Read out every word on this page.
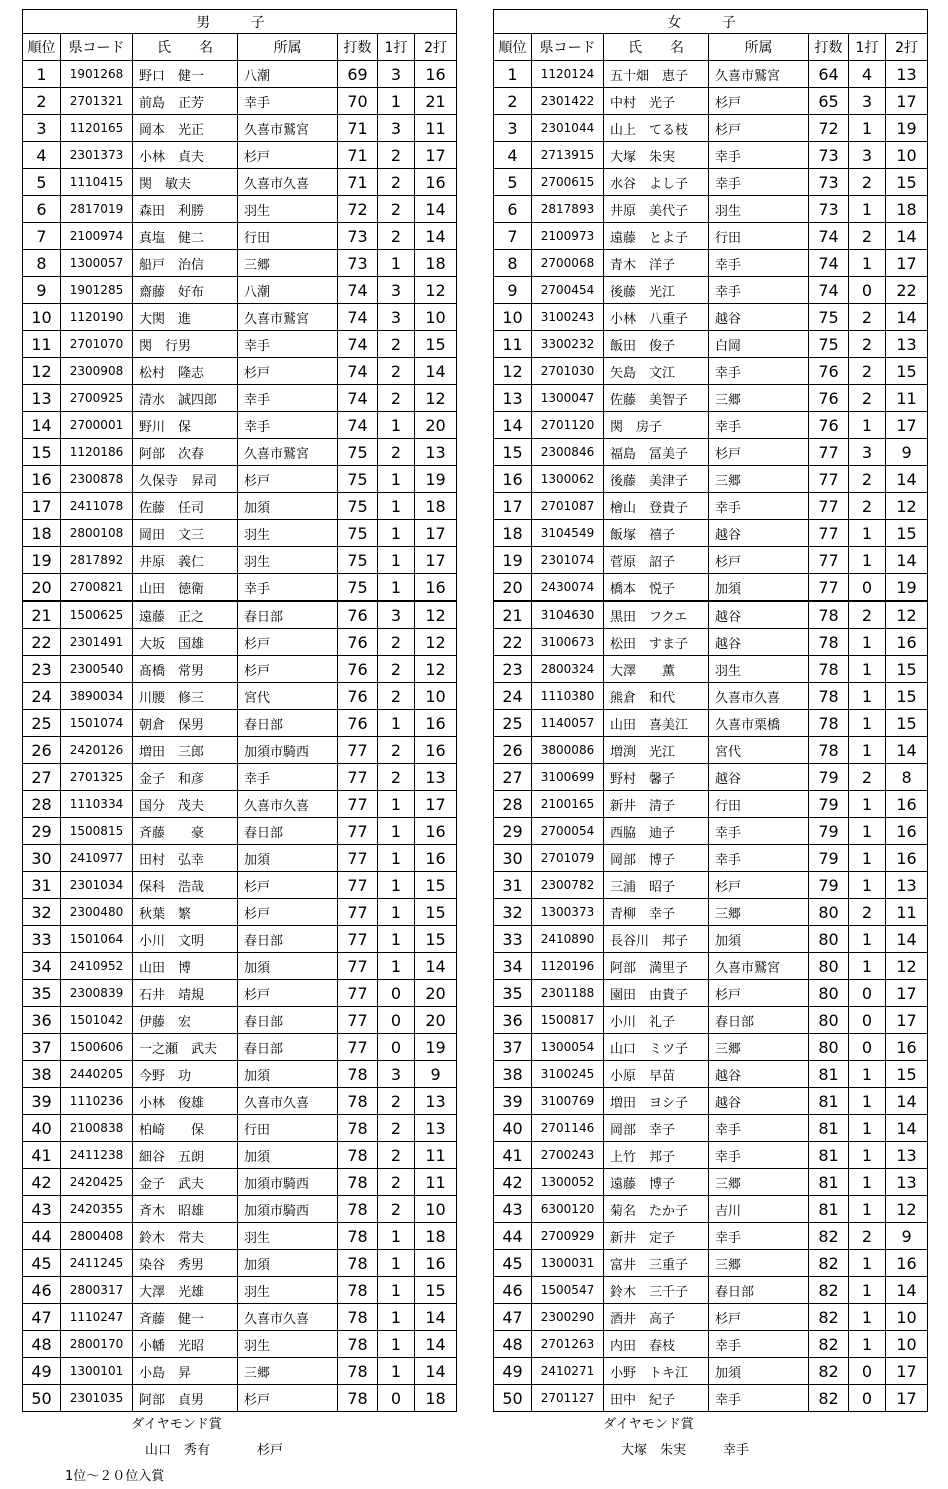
男 子						
順位	県コード	氏　　名	所属	打数	1打	2打
1	1901268	野口　健一	八潮	69	3	16
2	2701321	前島　正芳	幸手	70	1	21
3	1120165	岡本　光正	久喜市鷲宮	71	3	11
4	2301373	小林　貞夫	杉戸	71	2	17
5	1110415	関　敏夫	久喜市久喜	71	2	16
6	2817019	森田　利勝	羽生	72	2	14
7	2100974	真塩　健二	行田	73	2	14
8	1300057	船戸　治信	三郷	73	1	18
9	1901285	齋藤　好布	八潮	74	3	12
10	1120190	大関　進	久喜市鷲宮	74	3	10
11	2701070	関　行男	幸手	74	2	15
12	2300908	松村　隆志	杉戸	74	2	14
13	2700925	清水　誠四郎	幸手	74	2	12
14	2700001	野川　保	幸手	74	1	20
15	1120186	阿部　次春	久喜市鷲宮	75	2	13
16	2300878	久保寺　昇司	杉戸	75	1	19
17	2411078	佐藤　任司	加須	75	1	18
18	2800108	岡田　文三	羽生	75	1	17
19	2817892	井原　義仁	羽生	75	1	17
20	2700821	山田　徳衛	幸手	75	1	16
21	1500625	遠藤　正之	春日部	76	3	12
22	2301491	大坂　国雄	杉戸	76	2	12
23	2300540	髙橋　常男	杉戸	76	2	12
24	3890034	川腰　修三	宮代	76	2	10
25	1501074	朝倉　保男	春日部	76	1	16
26	2420126	増田　三郎	加須市騎西	77	2	16
27	2701325	金子　和彦	幸手	77	2	13
28	1110334	国分　茂夫	久喜市久喜	77	1	17
29	1500815	斉藤　　豪	春日部	77	1	16
30	2410977	田村　弘幸	加須	77	1	16
31	2301034	保科　浩哉	杉戸	77	1	15
32	2300480	秋葉　繁	杉戸	77	1	15
33	1501064	小川　文明	春日部	77	1	15
34	2410952	山田　博	加須	77	1	14
35	2300839	石井　靖規	杉戸	77	0	20
36	1501042	伊藤　宏	春日部	77	0	20
37	1500606	一之瀬　武夫	春日部	77	0	19
38	2440205	今野　功	加須	78	3	9
39	1110236	小林　俊雄	久喜市久喜	78	2	13
40	2100838	柏崎　　保	行田	78	2	13
41	2411238	細谷　五朗	加須	78	2	11
42	2420425	金子　武夫	加須市騎西	78	2	11
43	2420355	斉木　昭雄	加須市騎西	78	2	10
44	2800408	鈴木　常夫	羽生	78	1	18
45	2411245	染谷　秀男	加須	78	1	16
46	2800317	大澤　光雄	羽生	78	1	15
47	1110247	斉藤　健一	久喜市久喜	78	1	14
48	2800170	小幡　光昭	羽生	78	1	14
49	1300101	小島　昇	三郷	78	1	14
50	2301035	阿部　貞男	杉戸	78	0	18
女 子						
順位	県コード	氏　　名	所属	打数	1打	2打
1	1120124	五十畑　恵子	久喜市鷲宮	64	4	13
2	2301422	中村　光子	杉戸	65	3	17
3	2301044	山上　てる枝	杉戸	72	1	19
4	2713915	大塚　朱実	幸手	73	3	10
5	2700615	水谷　よし子	幸手	73	2	15
6	2817893	井原　美代子	羽生	73	1	18
7	2100973	遠藤　とよ子	行田	74	2	14
8	2700068	青木　洋子	幸手	74	1	17
9	2700454	後藤　光江	幸手	74	0	22
10	3100243	小林　八重子	越谷	75	2	14
11	3300232	飯田　俊子	白岡	75	2	13
12	2701030	矢島　文江	幸手	76	2	15
13	1300047	佐藤　美智子	三郷	76	2	11
14	2701120	関　房子	幸手	76	1	17
15	2300846	福島　冨美子	杉戸	77	3	9
16	1300062	後藤　美津子	三郷	77	2	14
17	2701087	檜山　登貴子	幸手	77	2	12
18	3104549	飯塚　禧子	越谷	77	1	15
19	2301074	菅原　詔子	杉戸	77	1	14
20	2430074	橋本　悦子	加須	77	0	19
21	3104630	黒田　フクエ	越谷	78	2	12
22	3100673	松田　すま子	越谷	78	1	16
23	2800324	大澤　　薫	羽生	78	1	15
24	1110380	熊倉　和代	久喜市久喜	78	1	15
25	1140057	山田　喜美江	久喜市栗橋	78	1	15
26	3800086	増渕　光江	宮代	78	1	14
27	3100699	野村　馨子	越谷	79	2	8
28	2100165	新井　清子	行田	79	1	16
29	2700054	西脇　迪子	幸手	79	1	16
30	2701079	岡部　博子	幸手	79	1	16
31	2300782	三浦　昭子	杉戸	79	1	13
32	1300373	青柳　幸子	三郷	80	2	11
33	2410890	長谷川　邦子	加須	80	1	14
34	1120196	阿部　満里子	久喜市鷲宮	80	1	12
35	2301188	園田　由貴子	杉戸	80	0	17
36	1500817	小川　礼子	春日部	80	0	17
37	1300054	山口　ミツ子	三郷	80	0	16
38	3100245	小原　早苗	越谷	81	1	15
39	3100769	増田　ヨシ子	越谷	81	1	14
40	2701146	岡部　幸子	幸手	81	1	14
41	2700243	上竹　邦子	幸手	81	1	13
42	1300052	遠藤　博子	三郷	81	1	13
43	6300120	菊名　たか子	吉川	81	1	12
44	2700929	新井　定子	幸手	82	2	9
45	1300031	富井　三重子	三郷	82	1	16
46	1500547	鈴木　三千子	春日部	82	1	14
47	2300290	酒井　高子	杉戸	82	1	10
48	2701263	内田　春枝	幸手	82	1	10
49	2410271	小野　トキ江	加須	82	0	17
50	2701127	田中　紀子	幸手	82	0	17
ダイヤモンド賞
山口　秀有	杉戸
1位～２０位入賞
ダイヤモンド賞
大塚　朱実	幸手
